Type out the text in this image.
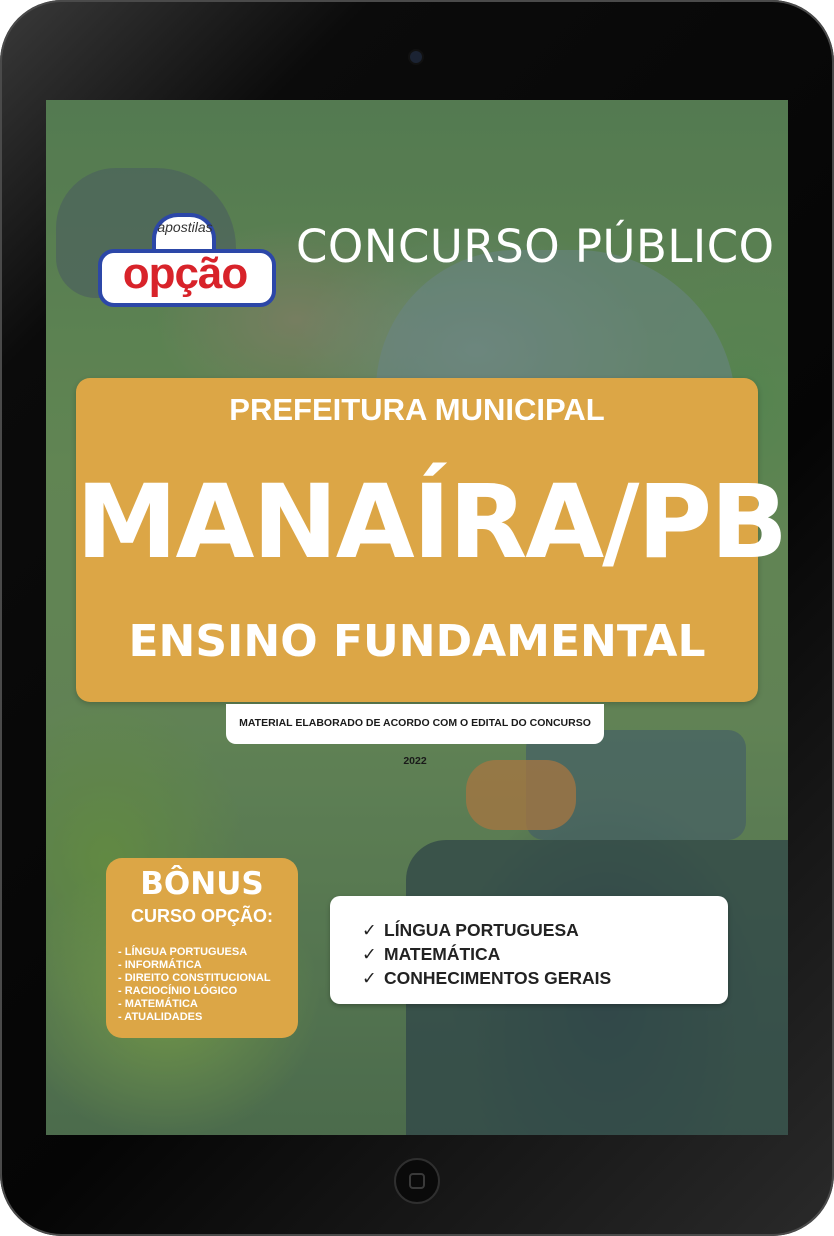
apostilas
opção
CONCURSO PÚBLICO
PREFEITURA MUNICIPAL
MANAÍRA/PB
ENSINO FUNDAMENTAL
MATERIAL ELABORADO DE ACORDO COM O EDITAL DO CONCURSO 2022
BÔNUS
CURSO OPÇÃO:
- LÍNGUA PORTUGUESA
- INFORMÁTICA
- DIREITO CONSTITUCIONAL
- RACIOCÍNIO LÓGICO
- MATEMÁTICA
- ATUALIDADES
✓ LÍNGUA PORTUGUESA
✓ MATEMÁTICA
✓ CONHECIMENTOS GERAIS
